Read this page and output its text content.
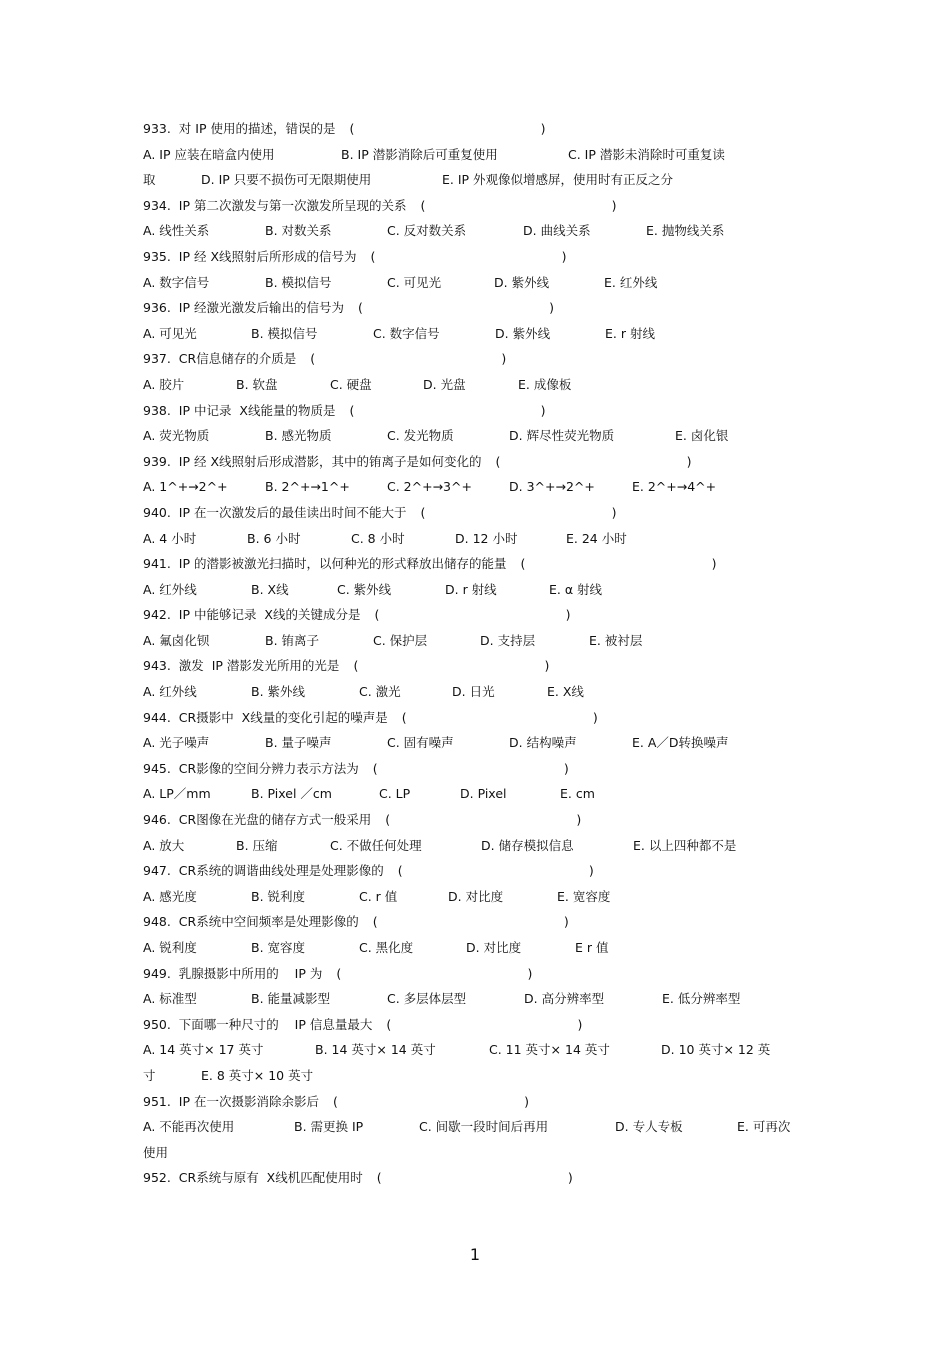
933. 对 IP 使用的描述，错误的是 (	)
A. IP 应装在暗盒内使用	B. IP 潜影消除后可重复使用	C. IP 潜影未消除时可重复读
取	D. IP 只要不损伤可无限期使用	E. IP 外观像似增感屏，使用时有正反之分
934. IP 第二次激发与第一次激发所呈现的关系 (	)
A. 线性关系	B. 对数关系	C. 反对数关系	D. 曲线关系	E. 抛物线关系
935. IP 经 X线照射后所形成的信号为 (	)
A. 数字信号	B. 模拟信号	C. 可见光	D. 紫外线	E. 红外线
936. IP 经激光激发后输出的信号为 (	)
A. 可见光	B. 模拟信号	C. 数字信号	D. 紫外线	E. r 射线
937. CR信息储存的介质是 (	)
A. 胶片	B. 软盘	C. 硬盘	D. 光盘	E. 成像板
938. IP 中记录  X线能量的物质是 (	)
A. 荧光物质	B. 感光物质	C. 发光物质	D. 辉尽性荧光物质	E. 卤化银
939. IP 经 X线照射后形成潜影，其中的铕离子是如何变化的 (	)
A. 1^+→2^+	B. 2^+→1^+	C. 2^+→3^+	D. 3^+→2^+	E. 2^+→4^+
940. IP 在一次激发后的最佳读出时间不能大于 (	)
A. 4 小时	B. 6 小时	C. 8 小时	D. 12 小时	E. 24 小时
941. IP 的潜影被激光扫描时，以何种光的形式释放出储存的能量 (	)
A. 红外线	B. X线	C. 紫外线	D. r 射线	E. α 射线
942. IP 中能够记录  X线的关键成分是 (	)
A. 氟卤化钡	B. 铕离子	C. 保护层	D. 支持层	E. 被衬层
943. 激发  IP 潜影发光所用的光是 (	)
A. 红外线	B. 紫外线	C. 激光	D. 日光	E. X线
944. CR摄影中  X线量的变化引起的噪声是 (	)
A. 光子噪声	B. 量子噪声	C. 固有噪声	D. 结构噪声	E. A／D转换噪声
945. CR影像的空间分辨力表示方法为 (	)
A. LP／mm	B. Pixel ／cm	C. LP	D. Pixel	E. cm
946. CR图像在光盘的储存方式一般采用 (	)
A. 放大	B. 压缩	C. 不做任何处理	D. 储存模拟信息	E. 以上四种都不是
947. CR系统的调谐曲线处理是处理影像的 (	)
A. 感光度	B. 锐利度	C. r 值	D. 对比度	E. 宽容度
948. CR系统中空间频率是处理影像的 (	)
A. 锐利度	B. 宽容度	C. 黑化度	D. 对比度	E r 值
949. 乳腺摄影中所用的    IP 为 (	)
A. 标准型	B. 能量减影型	C. 多层体层型	D. 高分辨率型	E. 低分辨率型
950. 下面哪一种尺寸的    IP 信息量最大 (	)
A. 14 英寸× 17 英寸	B. 14 英寸× 14 英寸	C. 11 英寸× 14 英寸	D. 10 英寸× 12 英
寸	E. 8 英寸× 10 英寸
951. IP 在一次摄影消除余影后 (	)
A. 不能再次使用	B. 需更换 IP	C. 间歇一段时间后再用	D. 专人专板	E. 可再次
使用
952. CR系统与原有  X线机匹配使用时 (	)
1
